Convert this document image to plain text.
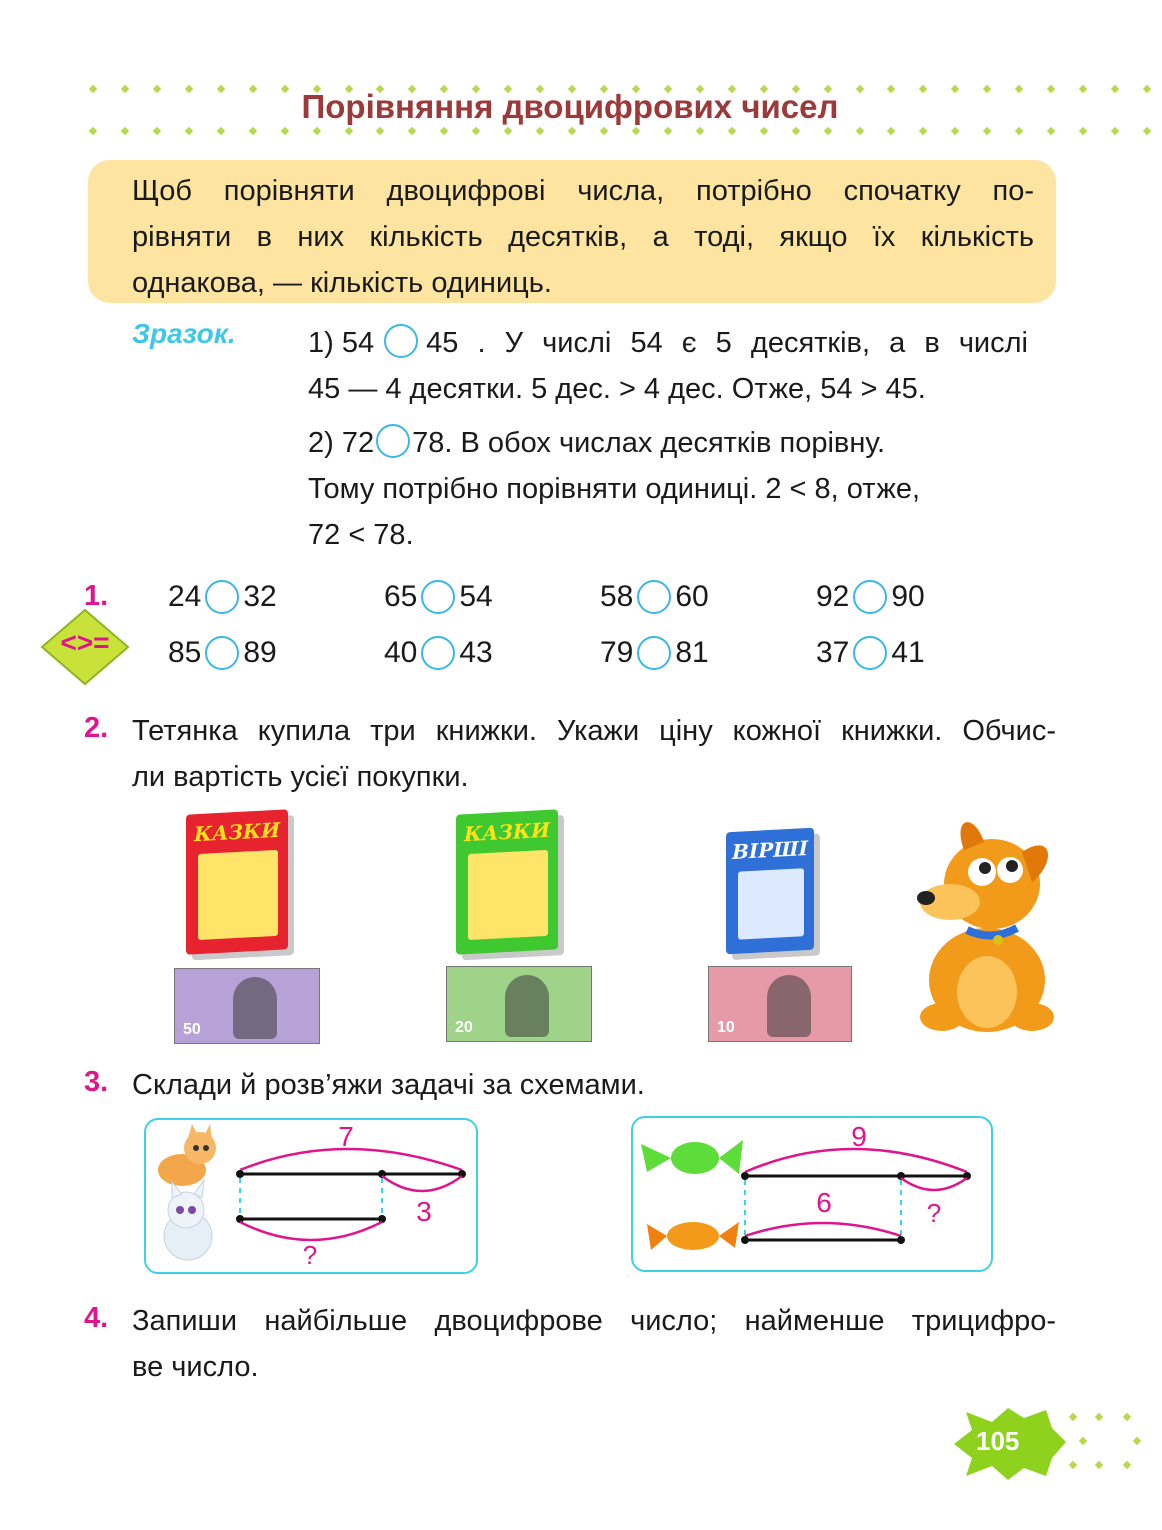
Порівняння двоцифрових чисел
Щоб порівняти двоцифрові числа, потрібно спочатку по-
рівняти в них кількість десятків, а тоді, якщо їх кількість
однакова, — кількість одиниць.
Зразок. 1) 54	45 . У числі 54 є 5 десятків, а в числі
45 — 4 десятки. 5 дес. > 4 дес. Отже, 54 > 45.
2) 72 78. В обох числах десятків порівну.
Тому потрібно порівняти одиниці. 2 < 8, отже,
72 < 78.
1.
<>=
24 32	65 54	58 60	92 90
85 89	40 43	79 81	37 41
2. Тетянка купила три книжки. Укажи ціну кожної книжки. Обчис-
ли вартість усієї покупки.
КАЗКИ
50
КАЗКИ
20
ВІРШІ
10
3. Склади й розв’яжи задачі за схемами.
7
3
?
9
6	?
4. Запиши найбільше двоцифрове число; найменше трицифро-
ве число.
105
